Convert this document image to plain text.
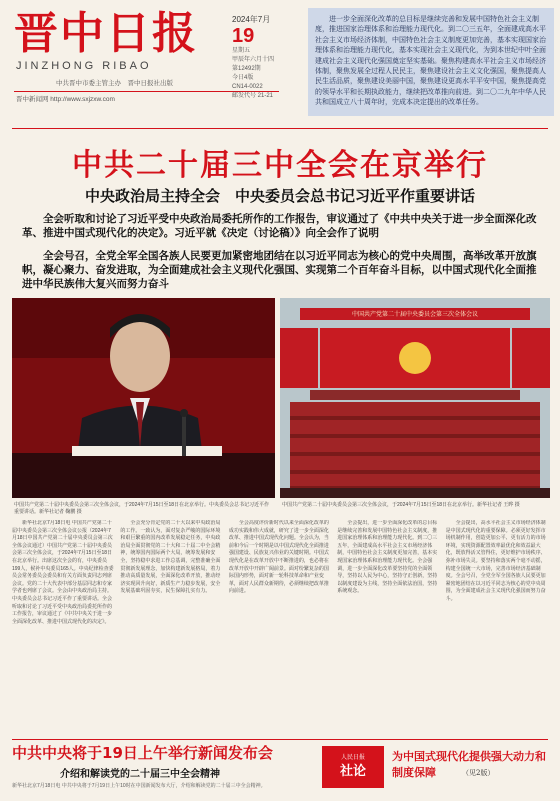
晋中日报
JINZHONG RIBAO
中共晋中市委主管主办　晋中日报社出版
晋中新闻网 http://www.sxjzxw.com
2024年7月
19
星期五
甲辰年六月十四
第12492期
今日4版
CN14-0022
邮发代号 21-21
进一步全面深化改革的总目标是继续完善和发展中国特色社会主义制度，推进国家治理体系和治理能力现代化。到二〇三五年，全面建成高水平社会主义市场经济体制，中国特色社会主义制度更加完善，基本实现国家治理体系和治理能力现代化，基本实现社会主义现代化，为到本世纪中叶全面建成社会主义现代化强国奠定坚实基础。聚焦构建高水平社会主义市场经济体制，聚焦发展全过程人民民主，聚焦建设社会主义文化强国，聚焦提高人民生活品质，聚焦建设美丽中国，聚焦建设更高水平平安中国，聚焦提高党的领导水平和长期执政能力，继续把改革推向前进。到二〇二九年中华人民共和国成立八十周年时，完成本决定提出的改革任务。
中共二十届三中全会在京举行
中央政治局主持全会　中央委员会总书记习近平作重要讲话
全会听取和讨论了习近平受中央政治局委托所作的工作报告，审议通过了《中共中央关于进一步全面深化改革、推进中国式现代化的决定》。习近平就《决定（讨论稿）》向全会作了说明
全会号召，全党全军全国各族人民要更加紧密地团结在以习近平同志为核心的党中央周围，高举改革开放旗帜，凝心聚力、奋发进取，为全面建成社会主义现代化强国、实现第二个百年奋斗目标，以中国式现代化全面推进中华民族伟大复兴而努力奋斗
中国共产党第二十届中央委员会第三次全体会议
中国共产党第二十届中央委员会第三次全体会议，于2024年7月15日至18日在北京举行。中央委员会总书记习近平作重要讲话。新华社记者 鞠鹏 摄
中国共产党第二十届中央委员会第三次全体会议，于2024年7月15日至18日在北京举行。新华社记者 王晔 摄
新华社北京7月18日电 中国共产党第二十届中央委员会第三次全体会议公报（2024年7月18日中国共产党第二十届中央委员会第三次全体会议通过）中国共产党第二十届中央委员会第三次全体会议，于2024年7月15日至18日在北京举行。出席这次全会的有，中央委员199人，候补中央委员165人。中央纪律检查委员会常务委员会委员和有关方面负责同志列席会议。党的二十大代表中部分基层同志和专家学者也列席了会议。全会由中央政治局主持。中央委员会总书记习近平作了重要讲话。全会听取和讨论了习近平受中央政治局委托所作的工作报告，审议通过了《中共中央关于进一步全面深化改革、推进中国式现代化的决定》。
全会充分肯定党的二十大以来中央政治局的工作。一致认为，面对复杂严峻的国际环境和艰巨繁重的国内改革发展稳定任务，中央政治局全面贯彻党的二十大和二十届二中全会精神，统筹国内国际两个大局，统筹发展和安全，坚持稳中求进工作总基调，完整准确全面贯彻新发展理念，加快构建新发展格局，着力推动高质量发展，全面深化改革开放，推动经济实现回升向好，新质生产力稳步发展，安全发展基础巩固夯实，民生保障扎实有力。
全会高度评价新时代以来全面深化改革的成功实践和伟大成就，研究了进一步全面深化改革、推进中国式现代化问题。全会认为，当前和今后一个时期是以中国式现代化全面推进强国建设、民族复兴伟业的关键时期。中国式现代化是在改革开放中不断推进的，也必将在改革开放中开辟广阔前景。面对纷繁复杂的国际国内形势，面对新一轮科技革命和产业变革，面对人民群众新期待，必须继续把改革推向前进。
全会提出，进一步全面深化改革的总目标是继续完善和发展中国特色社会主义制度，推进国家治理体系和治理能力现代化。到二〇三五年，全面建成高水平社会主义市场经济体制，中国特色社会主义制度更加完善，基本实现国家治理体系和治理能力现代化。全会强调，进一步全面深化改革要坚持党的全面领导，坚持以人民为中心，坚持守正创新，坚持以制度建设为主线，坚持全面依法治国，坚持系统观念。
全会提出，高水平社会主义市场经济体制是中国式现代化的重要保障。必须更好发挥市场机制作用，创造更加公平、更有活力的市场环境，实现资源配置效率最优化和效益最大化，既放得活又管得住，更好维护市场秩序、弥补市场失灵。要坚持和落实两个毫不动摇，构建全国统一大市场，完善市场经济基础制度。全会号召，全党全军全国各族人民要更加紧密地团结在以习近平同志为核心的党中央周围，为全面建成社会主义现代化强国而努力奋斗。
中共中央将于19日上午举行新闻发布会
介绍和解读党的二十届三中全会精神
新华社北京7月18日电 中共中央将于7月19日上午10时在中国新闻发布大厅，介绍和解读党的二十届三中全会精神。
人民日报
社论
为中国式现代化提供强大动力和制度保障	（见2版）
